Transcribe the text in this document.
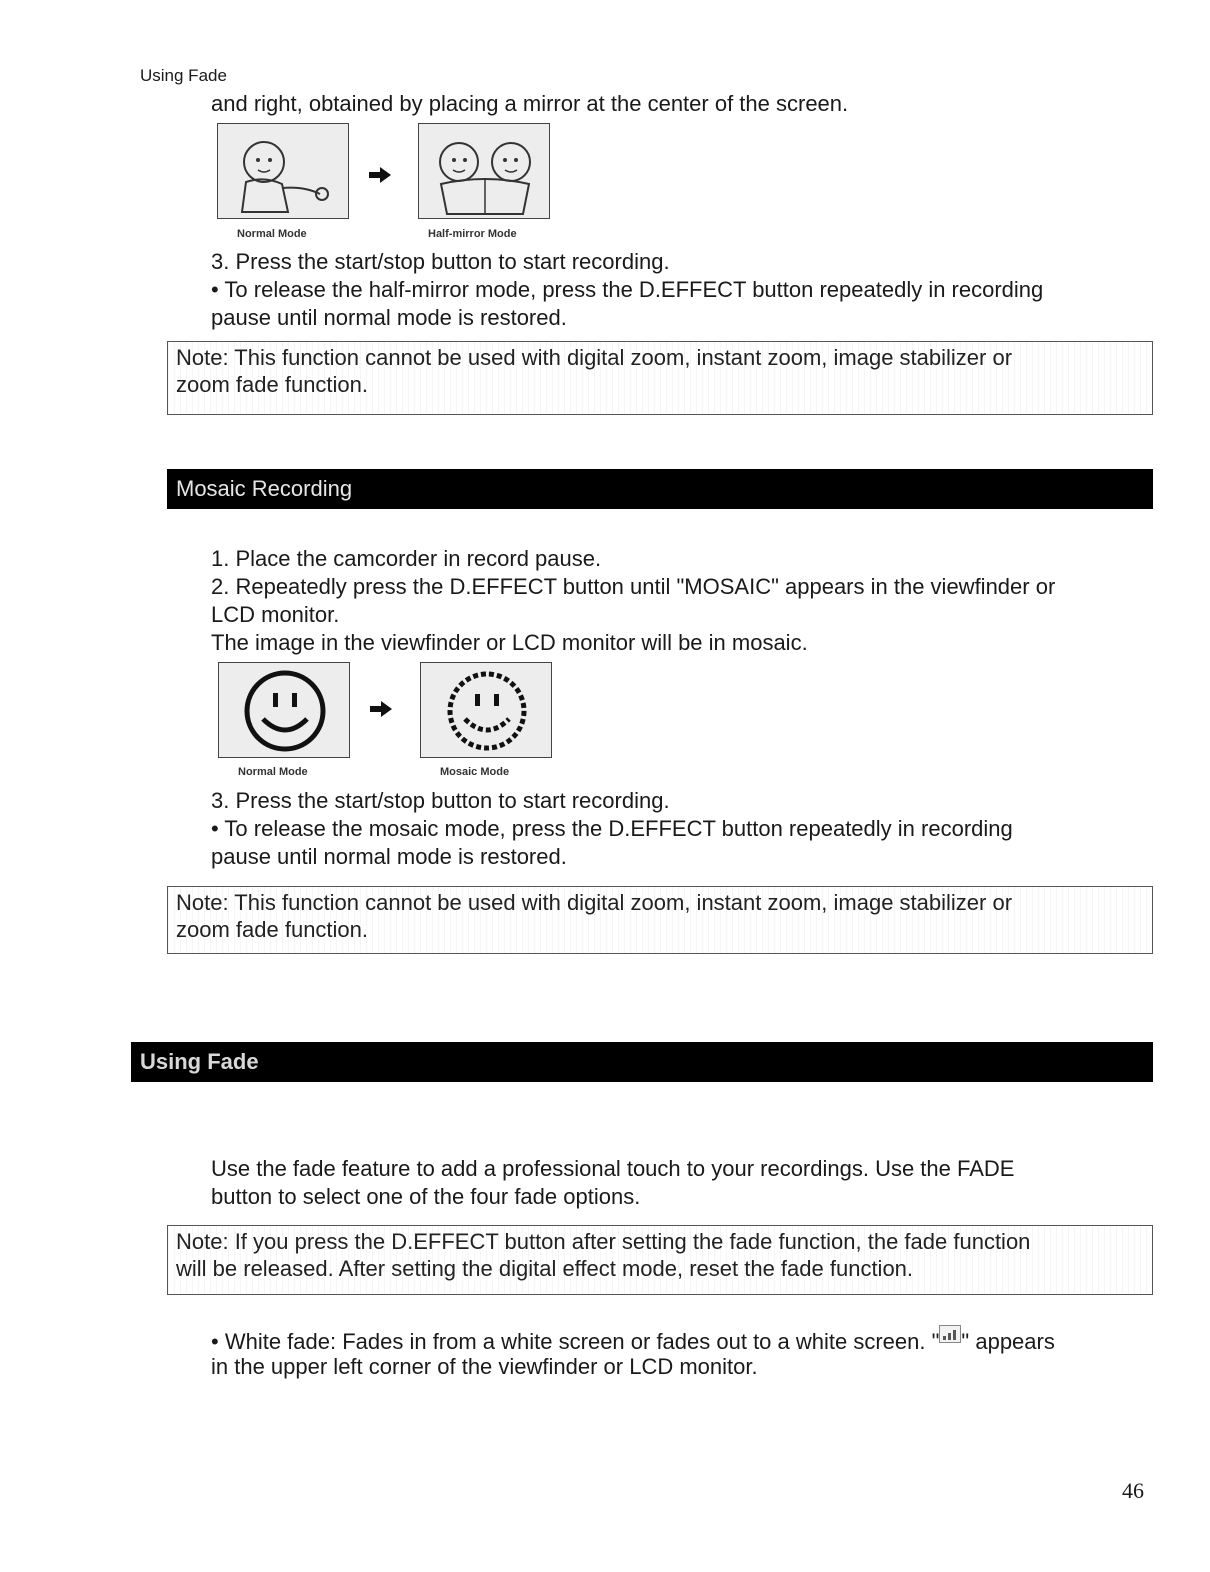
Using Fade
and right, obtained by placing a mirror at the center of the screen.
Normal Mode	Half-mirror Mode
3. Press the start/stop button to start recording.
• To release the half-mirror mode, press the D.EFFECT button repeatedly in recording
pause until normal mode is restored.
Note: This function cannot be used with digital zoom, instant zoom, image stabilizer or
zoom fade function.
Mosaic Recording
1. Place the camcorder in record pause.
2. Repeatedly press the D.EFFECT button until "MOSAIC" appears in the viewfinder or
LCD monitor.
The image in the viewfinder or LCD monitor will be in mosaic.
Normal Mode	Mosaic Mode
3. Press the start/stop button to start recording.
• To release the mosaic mode, press the D.EFFECT button repeatedly in recording
pause until normal mode is restored.
Note: This function cannot be used with digital zoom, instant zoom, image stabilizer or
zoom fade function.
Using Fade
Use the fade feature to add a professional touch to your recordings. Use the FADE
button to select one of the four fade options.
Note: If you press the D.EFFECT button after setting the fade function, the fade function
will be released. After setting the digital effect mode, reset the fade function.
• White fade: Fades in from a white screen or fades out to a white screen. " " appears
in the upper left corner of the viewfinder or LCD monitor.
46
